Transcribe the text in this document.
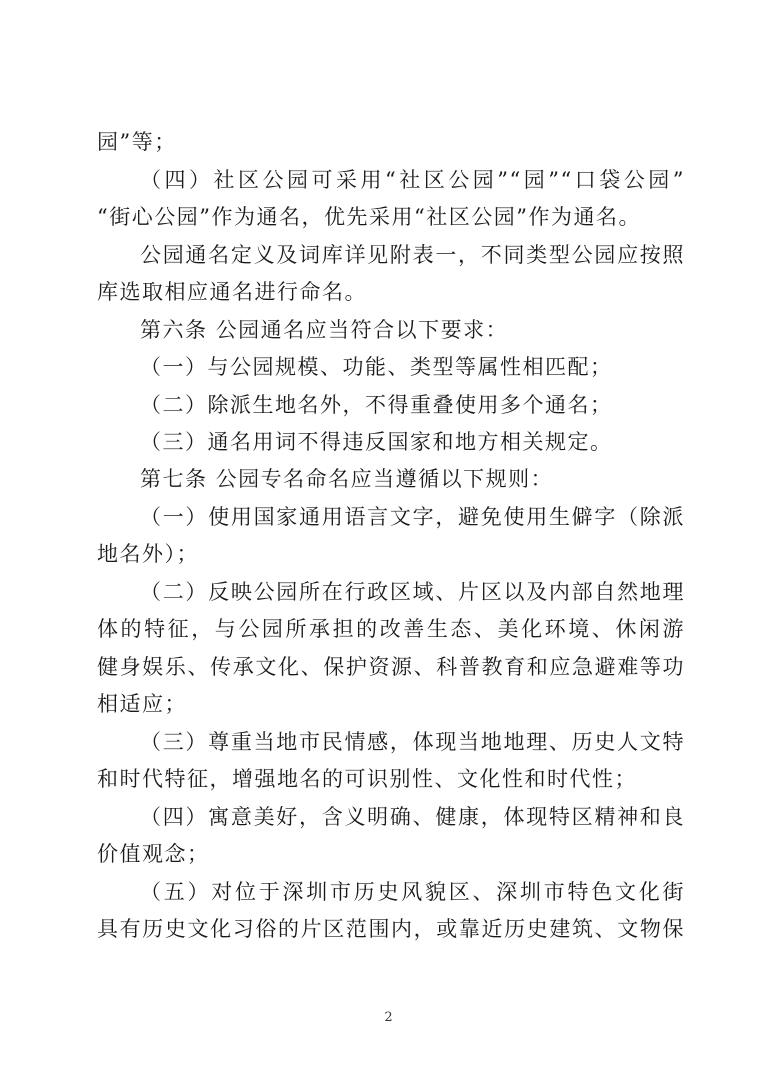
园”等；
（四）社区公园可采用“社区公园”“园”“口袋公园”
“街心公园”作为通名，优先采用“社区公园”作为通名。
公园通名定义及词库详见附表一，不同类型公园应按照
库选取相应通名进行命名。
第六条 公园通名应当符合以下要求：
（一）与公园规模、功能、类型等属性相匹配；
（二）除派生地名外，不得重叠使用多个通名；
（三）通名用词不得违反国家和地方相关规定。
第七条 公园专名命名应当遵循以下规则：
（一）使用国家通用语言文字，避免使用生僻字（除派
地名外）；
（二）反映公园所在行政区域、片区以及内部自然地理
体的特征，与公园所承担的改善生态、美化环境、休闲游
健身娱乐、传承文化、保护资源、科普教育和应急避难等功
相适应；
（三）尊重当地市民情感，体现当地地理、历史人文特
和时代特征，增强地名的可识别性、文化性和时代性；
（四）寓意美好，含义明确、健康，体现特区精神和良
价值观念；
（五）对位于深圳市历史风貌区、深圳市特色文化街
具有历史文化习俗的片区范围内，或靠近历史建筑、文物保
2
